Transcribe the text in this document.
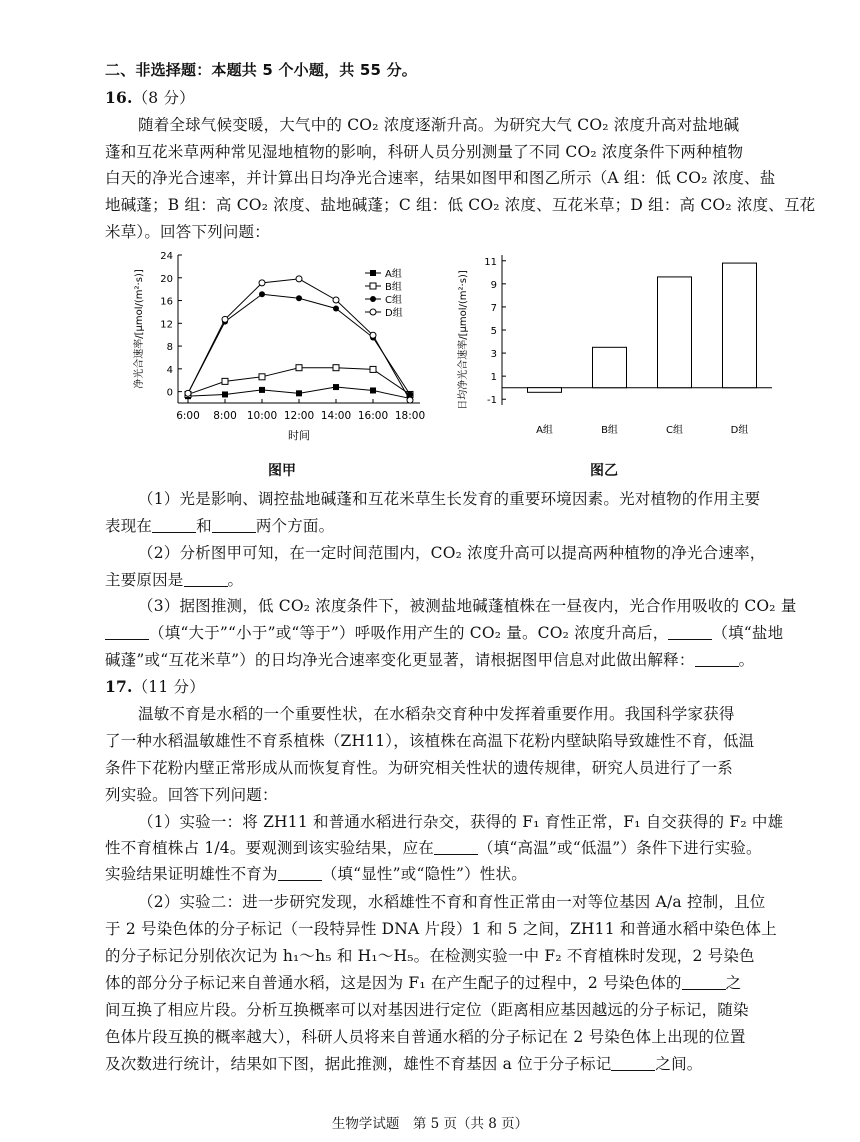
二、非选择题：本题共 5 个小题，共 55 分。
16.（8 分）
随着全球气候变暖，大气中的 CO₂ 浓度逐渐升高。为研究大气 CO₂ 浓度升高对盐地碱
蓬和互花米草两种常见湿地植物的影响，科研人员分别测量了不同 CO₂ 浓度条件下两种植物
白天的净光合速率，并计算出日均净光合速率，结果如图甲和图乙所示（A 组：低 CO₂ 浓度、盐
地碱蓬；B 组：高 CO₂ 浓度、盐地碱蓬；C 组：低 CO₂ 浓度、互花米草；D 组：高 CO₂ 浓度、互花
米草）。回答下列问题：
0
4
8
12
16
20
24
6:00 8:00 10:00 12:00 14:00 16:00 18:00
时间
净光合速率/[μmol/(m²·s)]	A组
B组
C组
D组
图甲
-1
1
3
5
7
9
11
日均净光合速率/[μmol/(m²·s)]
A组	B组	C组	D组
图乙
（1）光是影响、调控盐地碱蓬和互花米草生长发育的重要环境因素。光对植物的作用主要
表现在	和	两个方面。
（2）分析图甲可知，在一定时间范围内，CO₂ 浓度升高可以提高两种植物的净光合速率，
主要原因是	。
（3）据图推测，低 CO₂ 浓度条件下，被测盐地碱蓬植株在一昼夜内，光合作用吸收的 CO₂ 量
（填“大于”“小于”或“等于”）呼吸作用产生的 CO₂ 量。CO₂ 浓度升高后，	（填“盐地
碱蓬”或“互花米草”）的日均净光合速率变化更显著，请根据图甲信息对此做出解释：	。
17.（11 分）
温敏不育是水稻的一个重要性状，在水稻杂交育种中发挥着重要作用。我国科学家获得
了一种水稻温敏雄性不育系植株（ZH11），该植株在高温下花粉内壁缺陷导致雄性不育，低温
条件下花粉内壁正常形成从而恢复育性。为研究相关性状的遗传规律，研究人员进行了一系
列实验。回答下列问题：
（1）实验一：将 ZH11 和普通水稻进行杂交，获得的 F₁ 育性正常，F₁ 自交获得的 F₂ 中雄
性不育植株占 1/4。要观测到该实验结果，应在	（填“高温”或“低温”）条件下进行实验。
实验结果证明雄性不育为	（填“显性”或“隐性”）性状。
（2）实验二：进一步研究发现，水稻雄性不育和育性正常由一对等位基因 A/a 控制，且位
于 2 号染色体的分子标记（一段特异性 DNA 片段）1 和 5 之间，ZH11 和普通水稻中染色体上
的分子标记分别依次记为 h₁～h₅ 和 H₁～H₅。在检测实验一中 F₂ 不育植株时发现，2 号染色
体的部分分子标记来自普通水稻，这是因为 F₁ 在产生配子的过程中，2 号染色体的	之
间互换了相应片段。分析互换概率可以对基因进行定位（距离相应基因越远的分子标记，随染
色体片段互换的概率越大），科研人员将来自普通水稻的分子标记在 2 号染色体上出现的位置
及次数进行统计，结果如下图，据此推测，雄性不育基因 a 位于分子标记	之间。
生物学试题　第 5 页（共 8 页）
